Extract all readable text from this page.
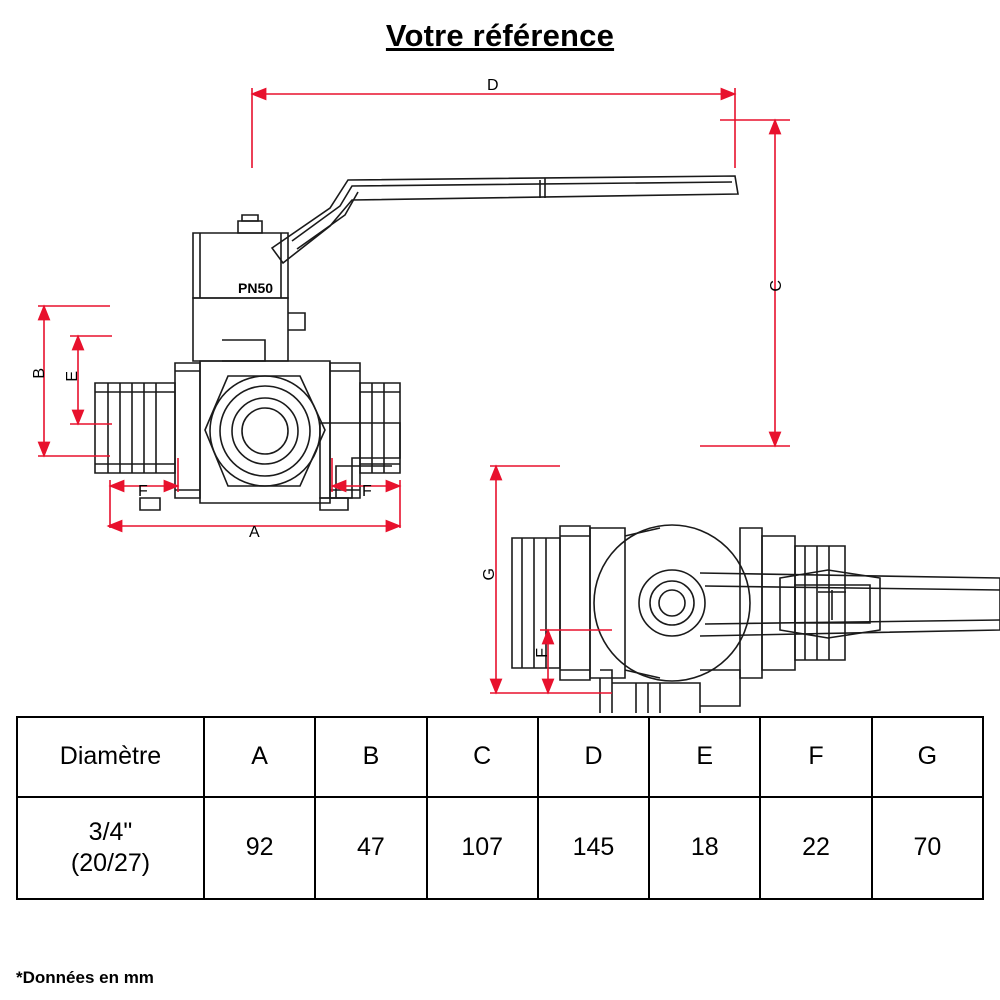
Votre référence
D
C
B E
F	F
A
G
F
PN50
Diamètre	A	B	C	D	E	F	G

3/4"
(20/27)	92	47	107	145	18	22	70
*Données en mm
